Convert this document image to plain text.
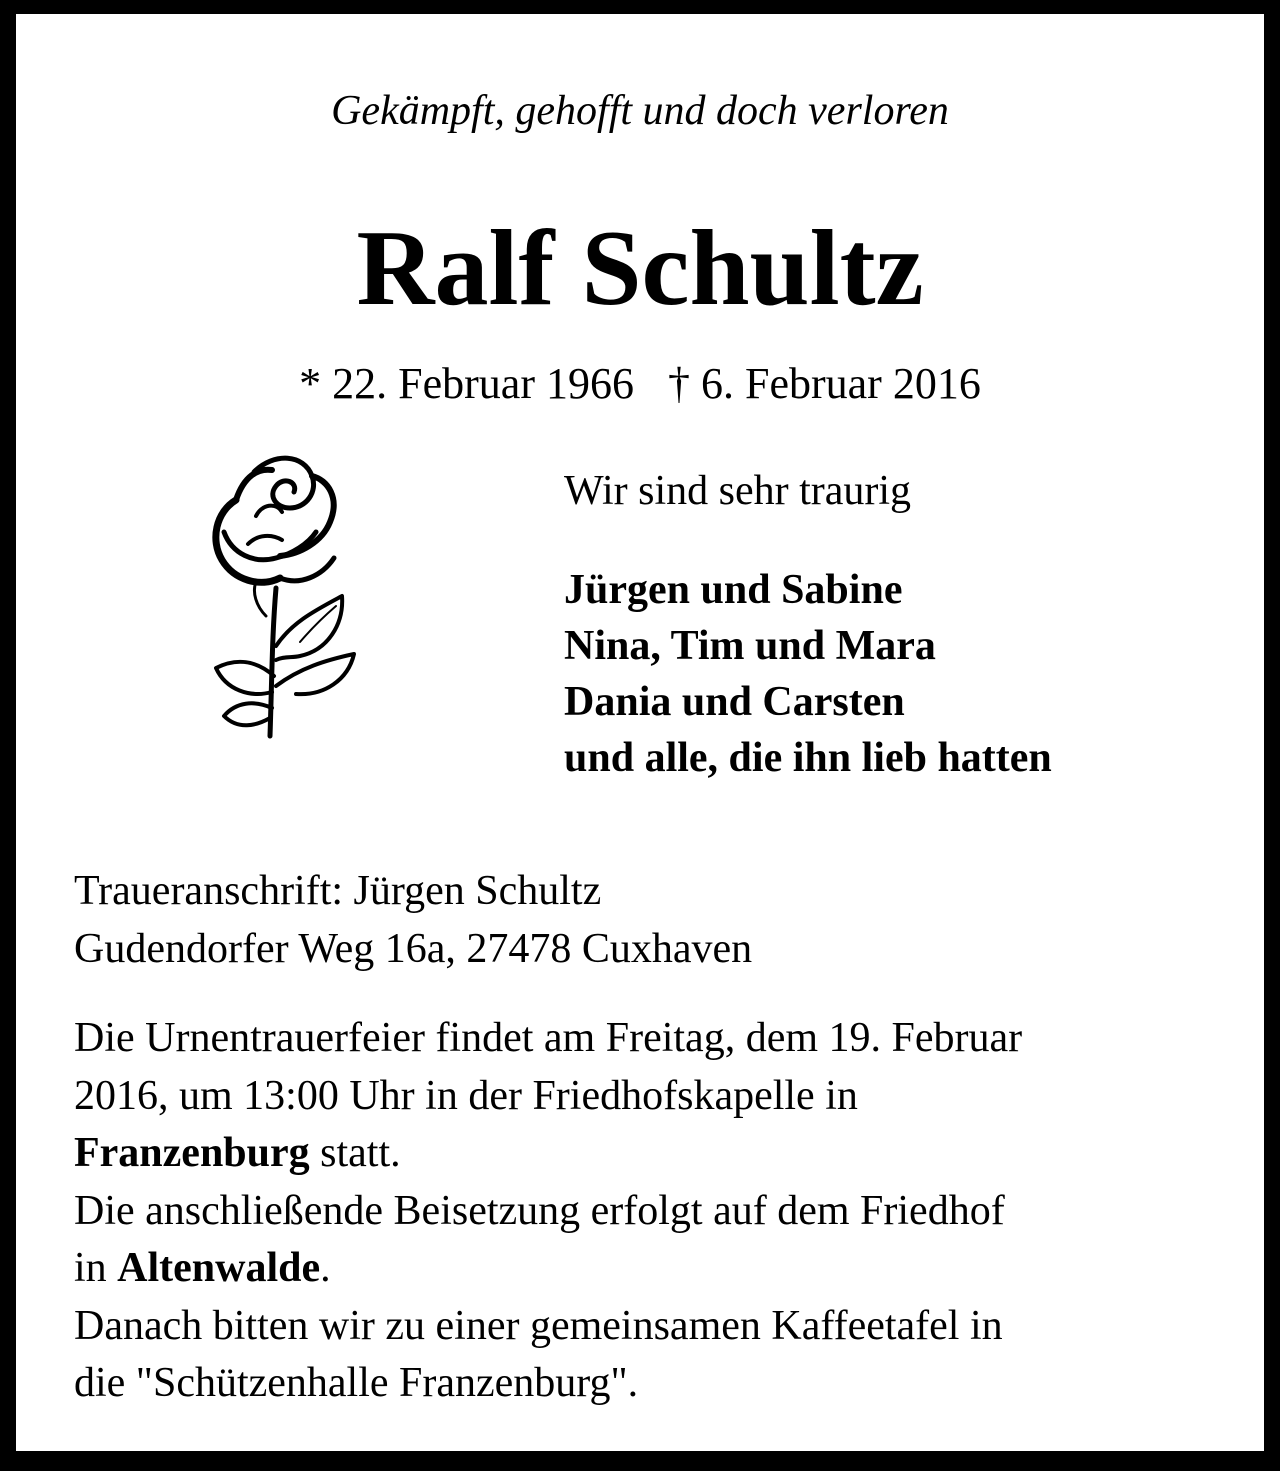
Gekämpft, gehofft und doch verloren
Ralf Schultz
* 22. Februar 1966 † 6. Februar 2016
Wir sind sehr traurig
Jürgen und Sabine
Nina, Tim und Mara
Dania und Carsten
und alle, die ihn lieb hatten
Traueranschrift: Jürgen Schultz
Gudendorfer Weg 16a, 27478 Cuxhaven

Die Urnentrauerfeier findet am Freitag, dem 19. Februar

2016, um 13:00 Uhr in der Friedhofskapelle in

Franzenburg statt.

Die anschließende Beisetzung erfolgt auf dem Friedhof

in Altenwalde.

Danach bitten wir zu einer gemeinsamen Kaffeetafel in

die "Schützenhalle Franzenburg".
